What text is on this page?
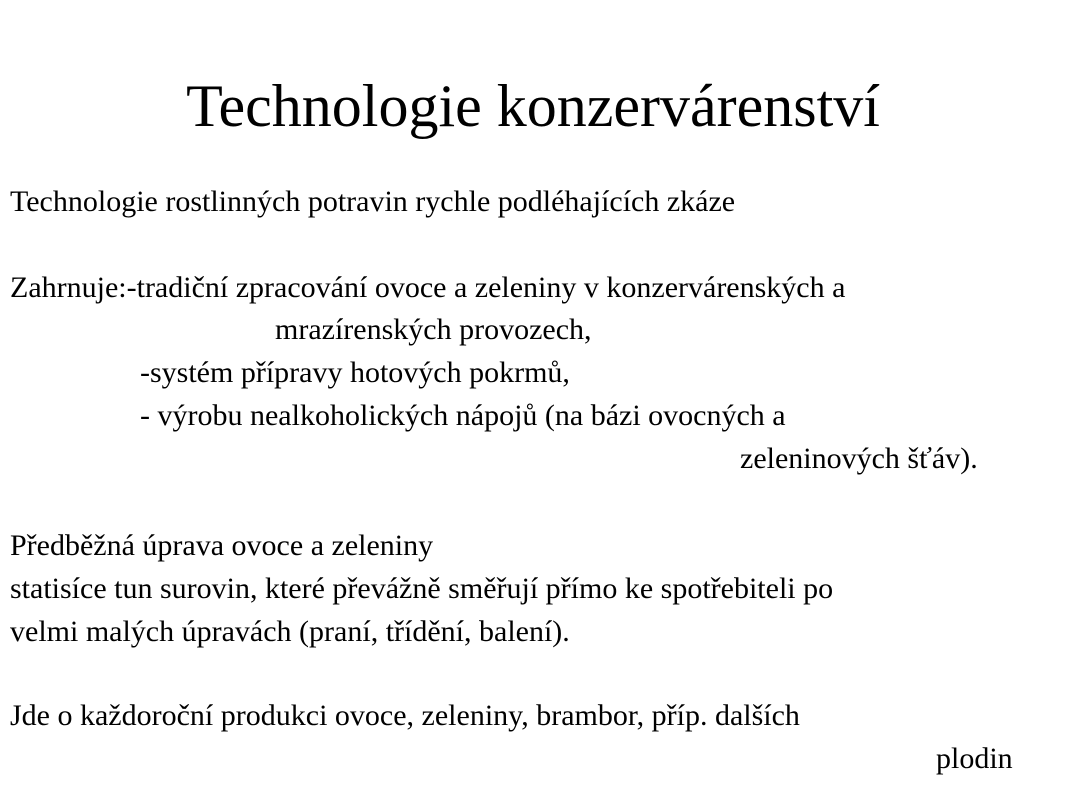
Technologie konzervárenství
Technologie rostlinných potravin rychle podléhajících zkáze
Zahrnuje:-tradiční zpracování ovoce a zeleniny v konzervárenských a
mrazírenských provozech,
-systém přípravy hotových pokrmů,
- výrobu nealkoholických nápojů (na bázi ovocných a
zeleninových šťáv).
Předběžná úprava ovoce a zeleniny
statisíce tun surovin, které převážně směřují přímo ke spotřebiteli po
velmi malých úpravách (praní, třídění, balení).
Jde o každoroční produkci ovoce, zeleniny, brambor, příp. dalších
plodin
